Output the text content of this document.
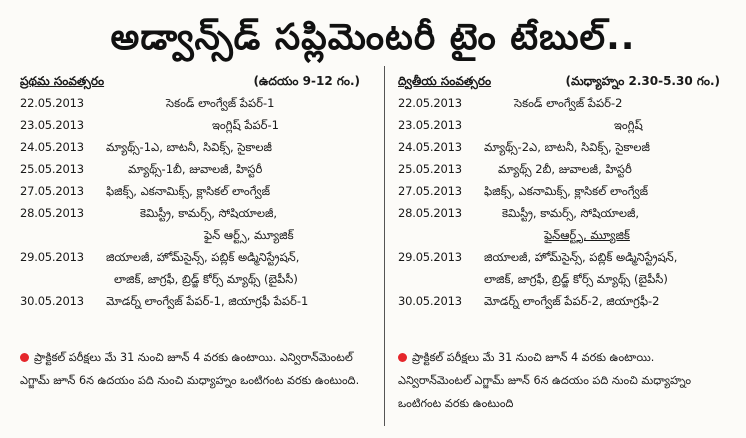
అడ్వాన్స్‌డ్ సప్లిమెంటరీ టైం టేబుల్..
ప్రథమ సంవత్సరం	(ఉదయం 9-12 గం.)
22.05.2013	సెకండ్ లాంగ్వేజ్ పేపర్-1
23.05.2013	ఇంగ్లిష్ పేపర్-1
24.05.2013 మ్యాథ్స్-1ఎ, బాటనీ, సివిక్స్, సైకాలజీ
25.05.2013	మ్యాథ్స్-1బీ, జువాలజీ, హిస్టరీ
27.05.2013 ఫిజిక్స్, ఎకనామిక్స్, క్లాసికల్ లాంగ్వేజ్
28.05.2013	కెమిస్ట్రీ, కామర్స్, సోషియాలజీ,
ఫైన్ ఆర్ట్స్, మ్యూజిక్
29.05.2013 జియాలజీ, హోమ్‌సైన్స్, పబ్లిక్ అడ్మినిస్ట్రేషన్,
లాజిక్, జాగ్రఫీ, బ్రిడ్జ్ కోర్స్ మ్యాథ్స్ (బైపీసీ)
30.05.2013 మోడర్న్ లాంగ్వేజ్ పేపర్-1, జియాగ్రఫీ పేపర్-1
ప్రాక్టికల్ పరీక్షలు మే 31 నుంచి జూన్ 4 వరకు ఉంటాయి. ఎన్విరాన్‌మెంటల్ ఎగ్జామ్ జూన్ 6న ఉదయం పది నుంచి మధ్యాహ్నం ఒంటిగంట వరకు ఉంటుంది.
ద్వితీయ సంవత్సరం	(మధ్యాహ్నం 2.30-5.30 గం.)
22.05.2013	సెకండ్ లాంగ్వేజ్ పేపర్-2
23.05.2013	ఇంగ్లిష్
24.05.2013 మ్యాథ్స్-2ఎ, బాటనీ, సివిక్స్, సైకాలజీ
25.05.2013	మ్యాథ్స్ 2బీ, జువాలజీ, హిస్టరీ
27.05.2013 ఫిజిక్స్, ఎకనామిక్స్, క్లాసికల్ లాంగ్వేజ్
28.05.2013	కెమిస్ట్రీ, కామర్స్, సోషియాలజీ,
ఫైన్‌ఆర్ట్స్, మ్యూజిక్
29.05.2013 జియాలజీ, హోమ్‌సైన్స్, పబ్లిక్ అడ్మినిస్ట్రేషన్,
లాజిక్, జాగ్రఫీ, బ్రిడ్జ్ కోర్స్ మ్యాథ్స్ (బైపీసీ)
30.05.2013 మోడర్న్ లాంగ్వేజ్ పేపర్-2, జియాగ్రఫీ-2
ప్రాక్టికల్ పరీక్షలు మే 31 నుంచి జూన్ 4 వరకు ఉంటాయి. ఎన్విరాన్‌మెంటల్ ఎగ్జామ్ జూన్ 6న ఉదయం పది నుంచి మధ్యాహ్నం ఒంటిగంట వరకు ఉంటుంది
